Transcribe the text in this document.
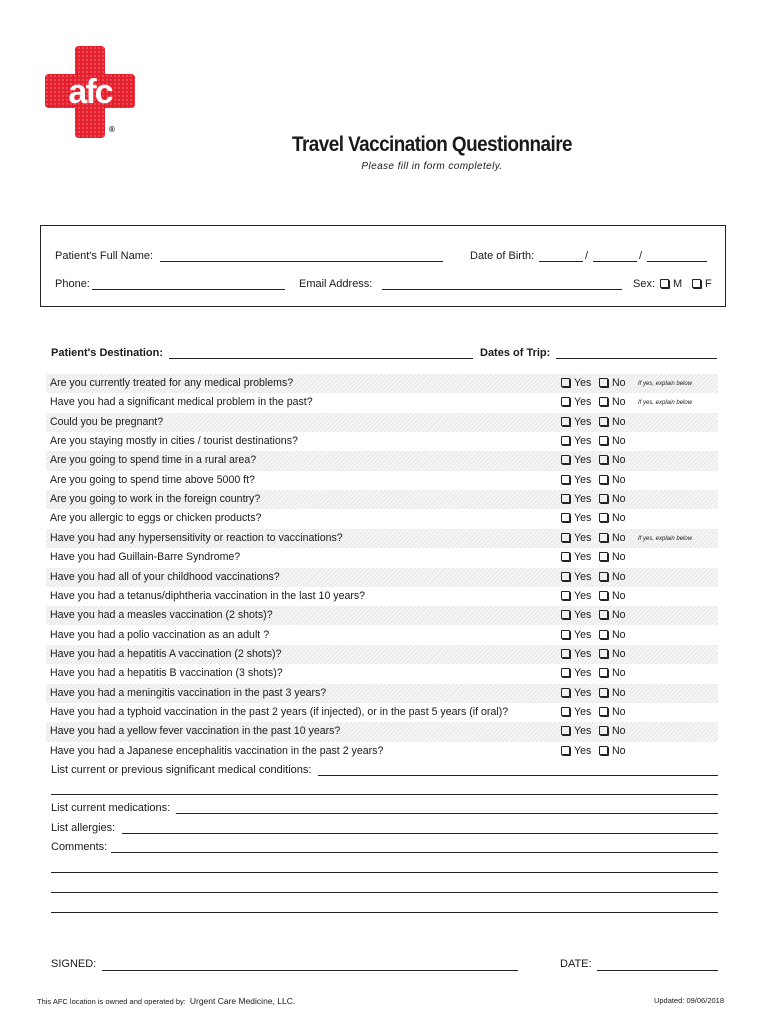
afc
®
Travel Vaccination Questionnaire
Please fill in form completely.
Patient's Full Name:	Date of Birth:	/	/
Phone:	Email Address:	Sex:	M	F
Patient's Destination:	Dates of Trip:
Are you currently treated for any medical problems?	Yes	No If yes, explain below
Have you had a significant medical problem in the past?	Yes	No If yes, explain below
Could you be pregnant?	Yes	No
Are you staying mostly in cities / tourist destinations?	Yes	No
Are you going to spend time in a rural area?	Yes	No
Are you going to spend time above 5000 ft?	Yes	No
Are you going to work in the foreign country?	Yes	No
Are you allergic to eggs or chicken products?	Yes	No
Have you had any hypersensitivity or reaction to vaccinations?	Yes	No If yes, explain below
Have you had Guillain-Barre Syndrome?	Yes	No
Have you had all of your childhood vaccinations?	Yes	No
Have you had a tetanus/diphtheria vaccination in the last 10 years?	Yes	No
Have you had a measles vaccination (2 shots)?	Yes	No
Have you had a polio vaccination as an adult ?	Yes	No
Have you had a hepatitis A vaccination (2 shots)?	Yes	No
Have you had a hepatitis B vaccination (3 shots)?	Yes	No
Have you had a meningitis vaccination in the past 3 years?	Yes	No
Have you had a typhoid vaccination in the past 2 years (if injected), or in the past 5 years (if oral)?	Yes	No
Have you had a yellow fever vaccination in the past 10 years?	Yes	No
Have you had a Japanese encephalitis vaccination in the past 2 years?	Yes	No
List current or previous significant medical conditions:
List current medications:
List allergies:
Comments:
SIGNED:	DATE:
This AFC location is owned and operated by: Urgent Care Medicine, LLC.	Updated: 09/06/2018
